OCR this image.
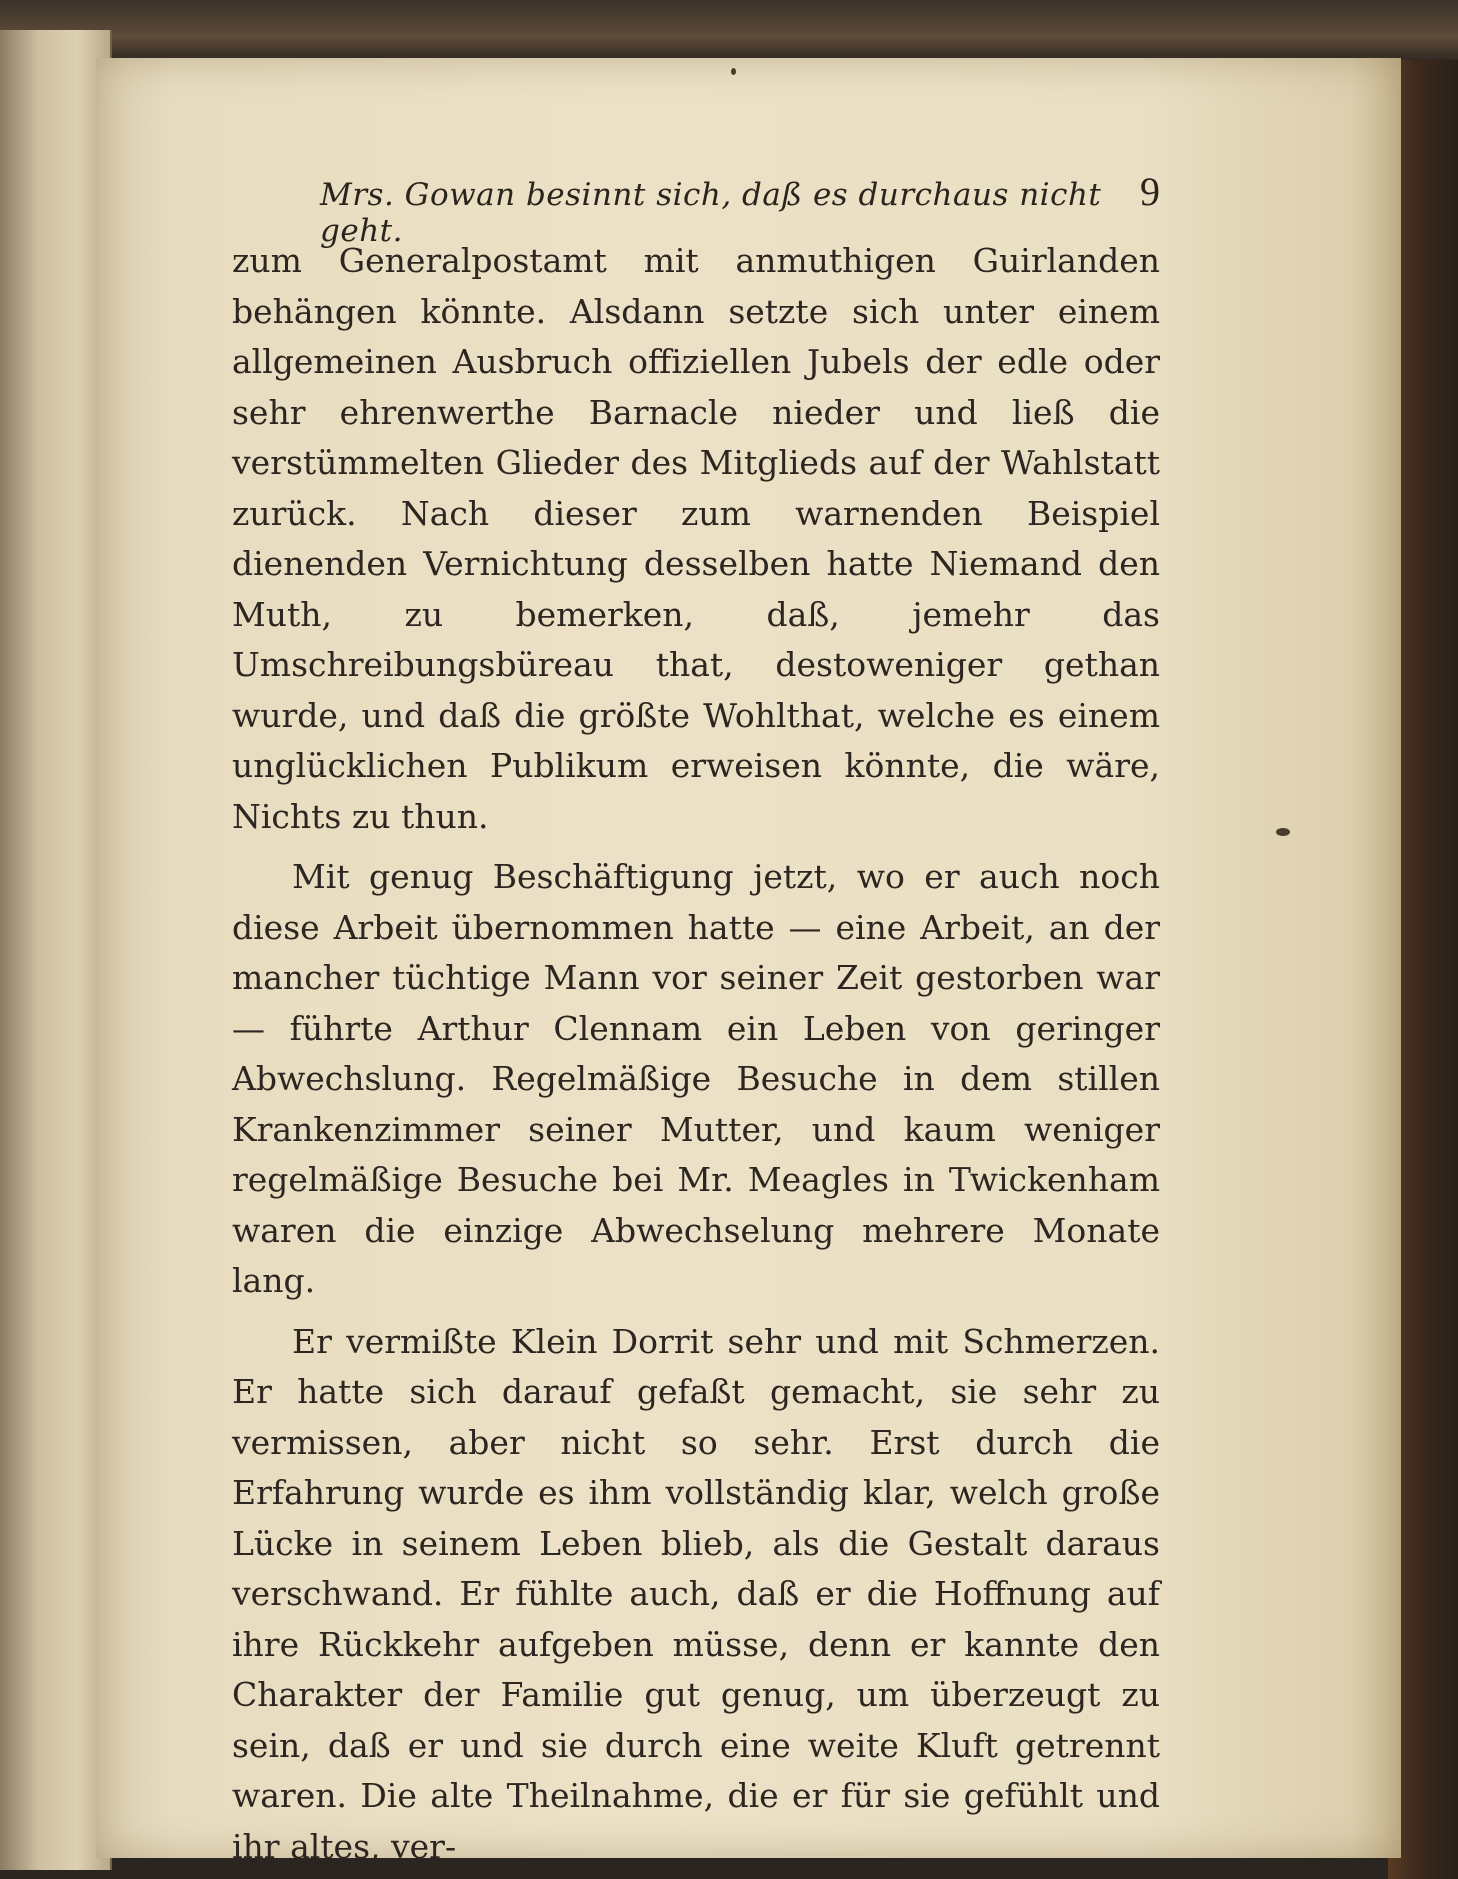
Mrs. Gowan besinnt sich, daß es durchaus nicht geht.
9

zum Generalpostamt mit anmuthigen Guirlanden behängen könnte. Alsdann setzte sich unter einem allgemeinen Ausbruch offiziellen Jubels der edle oder sehr ehrenwerthe Barnacle nieder und ließ die verstümmelten Glieder des Mitglieds auf der Wahlstatt zurück. Nach dieser zum warnenden Beispiel dienenden Vernichtung desselben hatte Niemand den Muth, zu bemerken, daß, jemehr das Umschreibungsbüreau that, destoweniger gethan wurde, und daß die größte Wohlthat, welche es einem unglücklichen Publikum erweisen könnte, die wäre, Nichts zu thun.

Mit genug Beschäftigung jetzt, wo er auch noch diese Arbeit übernommen hatte — eine Arbeit, an der mancher tüchtige Mann vor seiner Zeit gestorben war — führte Arthur Clennam ein Leben von geringer Abwechslung. Regelmäßige Besuche in dem stillen Krankenzimmer seiner Mutter, und kaum weniger regelmäßige Besuche bei Mr. Meagles in Twickenham waren die einzige Abwechselung mehrere Monate lang.

Er vermißte Klein Dorrit sehr und mit Schmerzen. Er hatte sich darauf gefaßt gemacht, sie sehr zu vermissen, aber nicht so sehr. Erst durch die Erfahrung wurde es ihm vollständig klar, welch große Lücke in seinem Leben blieb, als die Gestalt daraus verschwand. Er fühlte auch, daß er die Hoffnung auf ihre Rückkehr aufgeben müsse, denn er kannte den Charakter der Familie gut genug, um überzeugt zu sein, daß er und sie durch eine weite Kluft getrennt waren. Die alte Theilnahme, die er für sie gefühlt und ihr altes, ver-
